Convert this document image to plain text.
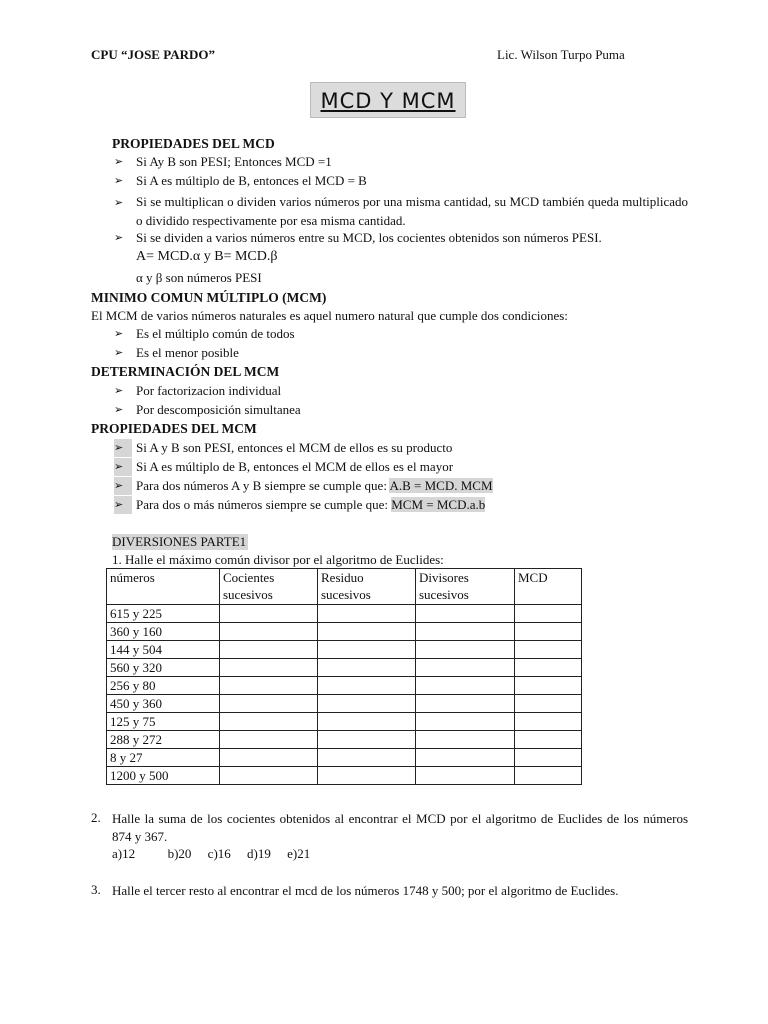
CPU “JOSE PARDO”	Lic. Wilson Turpo Puma
MCD Y MCM
PROPIEDADES DEL MCD
➢ Si Ay B son PESI; Entonces MCD =1
➢ Si A es múltiplo de B, entonces el MCD = B
➢ Si se multiplican o dividen varios números por una misma cantidad, su MCD también queda multiplicado o dividido respectivamente por esa misma cantidad.
➢ Si se dividen a varios números entre su MCD, los cocientes obtenidos son números PESI.
A= MCD.α y B= MCD.β
α y β son números PESI
MINIMO COMUN MÚLTIPLO (MCM)
El MCM de varios números naturales es aquel numero natural que cumple dos condiciones:
➢ Es el múltiplo común de todos
➢ Es el menor posible
DETERMINACIÓN DEL MCM
➢ Por factorizacion individual
➢ Por descomposición simultanea
PROPIEDADES DEL MCM
➢ Si A y B son PESI, entonces el MCM de ellos es su producto
➢ Si A es múltiplo de B, entonces el MCM de ellos es el mayor
➢ Para dos números A y B siempre se cumple que: A.B = MCD. MCM
➢ Para dos o más números siempre se cumple que: MCM = MCD.a.b
DIVERSIONES PARTE1
1. Halle el máximo común divisor por el algoritmo de Euclides:
números	Cocientes sucesivos	Residuo sucesivos	Divisores sucesivos	MCD
615 y 225				
360 y 160				
144 y 504				
560 y 320				
256 y 80				
450 y 360				
125 y 75				
288 y 272				
8 y 27				
1200 y 500				
2. Halle la suma de los cocientes obtenidos al encontrar el MCD por el algoritmo de Euclides de los números 874 y 367.
a)12          b)20     c)16     d)19     e)21
3. Halle el tercer resto al encontrar el mcd de los números 1748 y 500; por el algoritmo de Euclides.
